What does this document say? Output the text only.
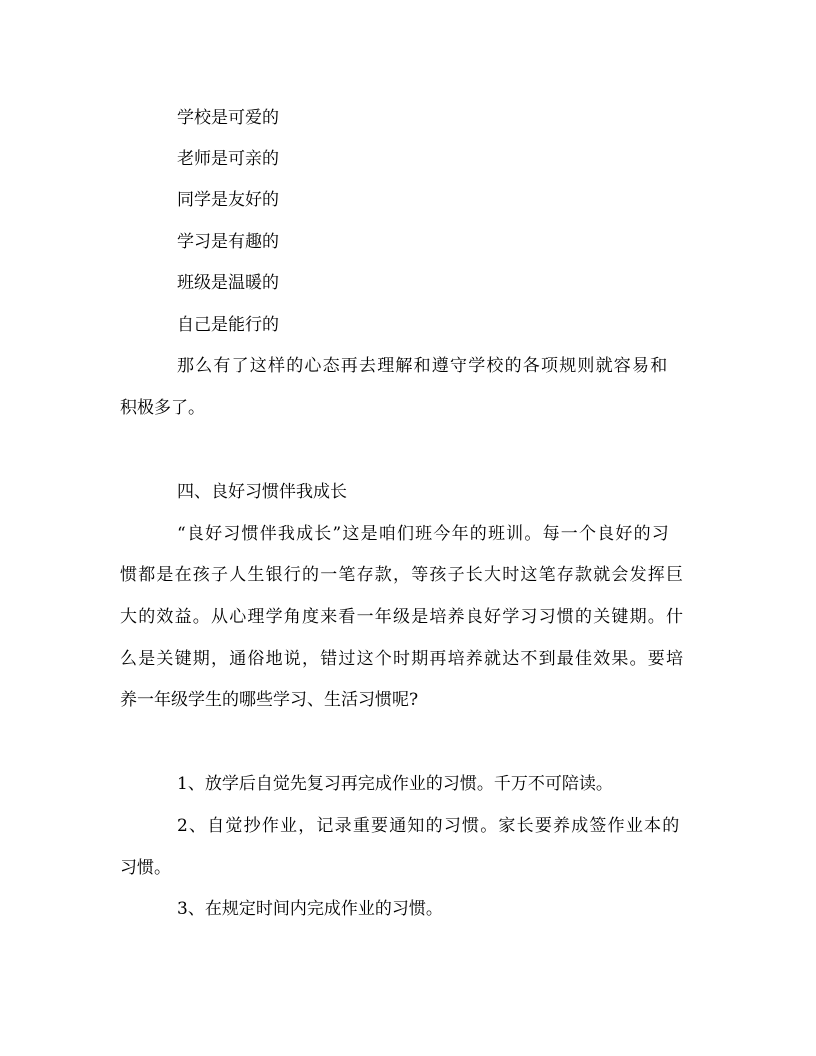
学校是可爱的
老师是可亲的
同学是友好的
学习是有趣的
班级是温暖的
自己是能行的
那么有了这样的心态再去理解和遵守学校的各项规则就容易和
积极多了。
四、良好习惯伴我成长
“良好习惯伴我成长”这是咱们班今年的班训。每一个良好的习
惯都是在孩子人生银行的一笔存款，等孩子长大时这笔存款就会发挥巨
大的效益。从心理学角度来看一年级是培养良好学习习惯的关键期。什
么是关键期，通俗地说，错过这个时期再培养就达不到最佳效果。要培
养一年级学生的哪些学习、生活习惯呢?
1、放学后自觉先复习再完成作业的习惯。千万不可陪读。
2、自觉抄作业，记录重要通知的习惯。家长要养成签作业本的
习惯。
3、在规定时间内完成作业的习惯。
